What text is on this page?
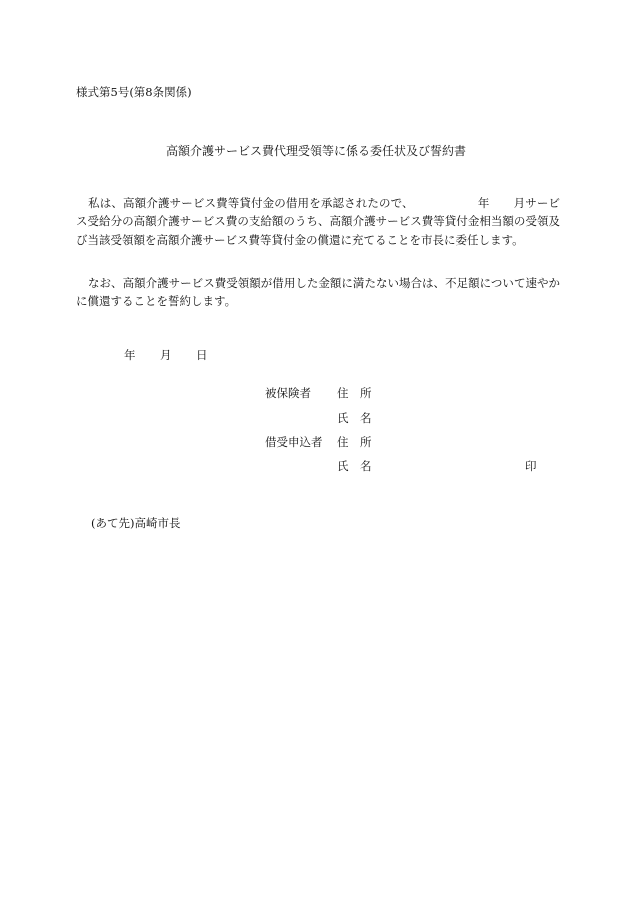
様式第5号(第8条関係)
高額介護サービス費代理受領等に係る委任状及び誓約書
私は、高額介護サービス費等貸付金の借用を承認されたので、	年 月サービス受給分の高額介護サービス費の支給額のうち、高額介護サービス費等貸付金相当額の受領及び当該受領額を高額介護サービス費等貸付金の償還に充てることを市長に委任します。
なお、高額介護サービス費受領額が借用した金額に満たない場合は、不足額について速やかに償還することを誓約します。
年 月 日
被保険者 住　所
氏　名
借受申込者 住　所
氏　名	印
(あて先)高崎市長
